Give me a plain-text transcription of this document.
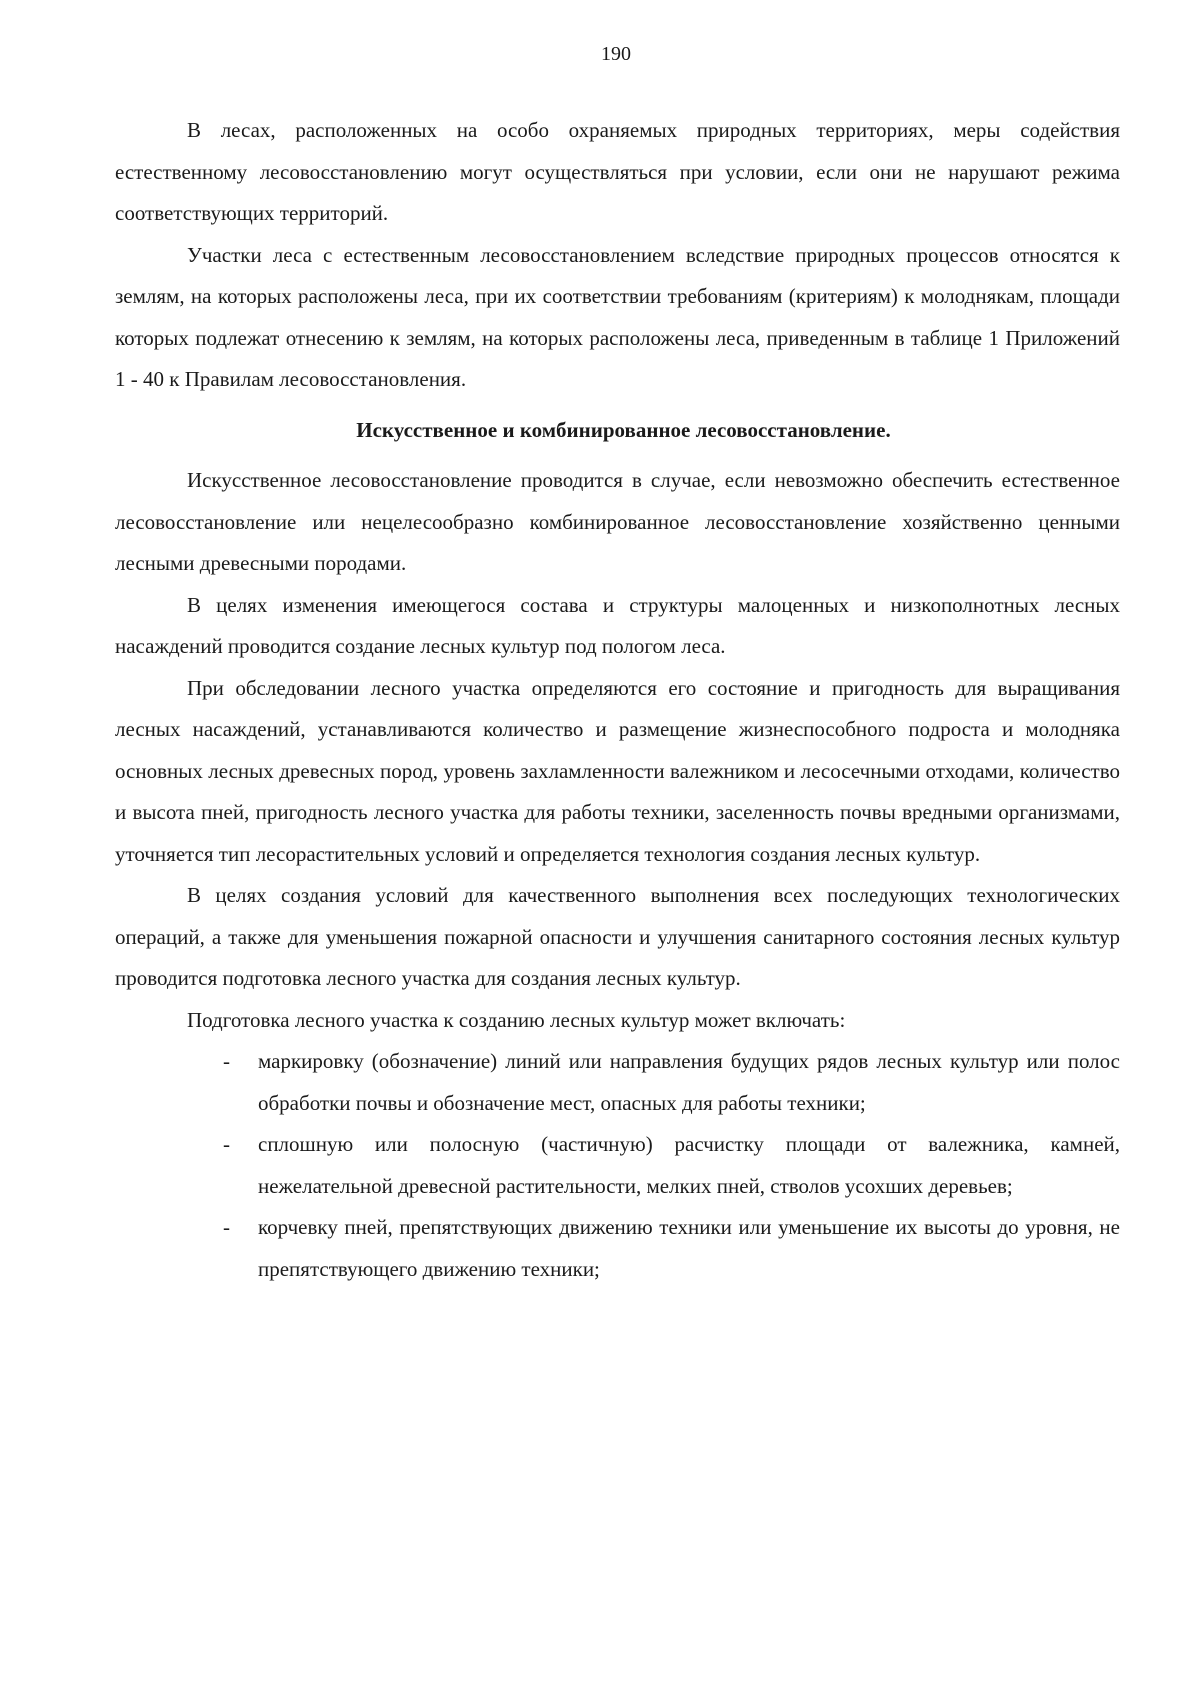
190

В лесах, расположенных на особо охраняемых природных территориях, меры содействия естественному лесовосстановлению могут осуществляться при условии, если они не нарушают режима соответствующих территорий.

Участки леса с естественным лесовосстановлением вследствие природных процессов относятся к землям, на которых расположены леса, при их соответствии требованиям (критериям) к молоднякам, площади которых подлежат отнесению к землям, на которых расположены леса, приведенным в таблице 1 Приложений 1 - 40 к Правилам лесовосстановления.

Искусственное и комбинированное лесовосстановление.

Искусственное лесовосстановление проводится в случае, если невозможно обеспечить естественное лесовосстановление или нецелесообразно комбинированное лесовосстановление хозяйственно ценными лесными древесными породами.

В целях изменения имеющегося состава и структуры малоценных и низкополнотных лесных насаждений проводится создание лесных культур под пологом леса.

При обследовании лесного участка определяются его состояние и пригодность для выращивания лесных насаждений, устанавливаются количество и размещение жизнеспособного подроста и молодняка основных лесных древесных пород, уровень захламленности валежником и лесосечными отходами, количество и высота пней, пригодность лесного участка для работы техники, заселенность почвы вредными организмами, уточняется тип лесорастительных условий и определяется технология создания лесных культур.

В целях создания условий для качественного выполнения всех последующих технологических операций, а также для уменьшения пожарной опасности и улучшения санитарного состояния лесных культур проводится подготовка лесного участка для создания лесных культур.

Подготовка лесного участка к созданию лесных культур может включать:

- маркировку (обозначение) линий или направления будущих рядов лесных культур или полос обработки почвы и обозначение мест, опасных для работы техники;
- сплошную или полосную (частичную) расчистку площади от валежника, камней, нежелательной древесной растительности, мелких пней, стволов усохших деревьев;
- корчевку пней, препятствующих движению техники или уменьшение их высоты до уровня, не препятствующего движению техники;
